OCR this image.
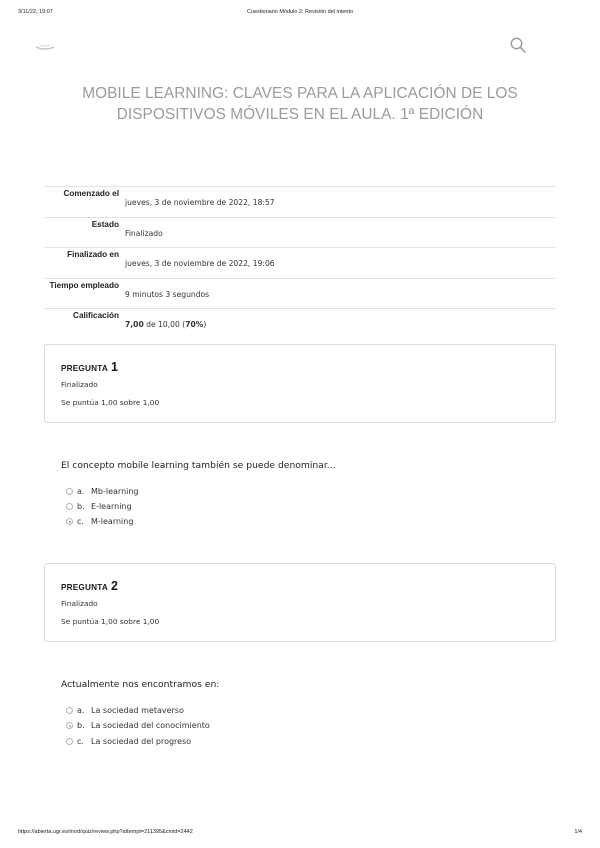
3/11/22, 19:07	Cuestionario Módulo 2: Revisión del intento
MOBILE LEARNING: CLAVES PARA LA APLICACIÓN DE LOS DISPOSITIVOS MÓVILES EN EL AULA. 1ª EDICIÓN
Comenzado el
jueves, 3 de noviembre de 2022, 18:57
Estado
Finalizado
Finalizado en
jueves, 3 de noviembre de 2022, 19:06
Tiempo empleado
9 minutos 3 segundos
Calificación
7,00 de 10,00 (70%)
PREGUNTA 1
Finalizado
Se puntúa 1,00 sobre 1,00
El concepto mobile learning también se puede denominar...
a. Mb-learning
b. E-learning
c. M-learning
PREGUNTA 2
Finalizado
Se puntúa 1,00 sobre 1,00
Actualmente nos encontramos en:
a. La sociedad metaverso
b. La sociedad del conocimiento
c. La sociedad del progreso
https://abierta.ugr.es/mod/quiz/review.php?attempt=211395&cmid=2442	1/4
